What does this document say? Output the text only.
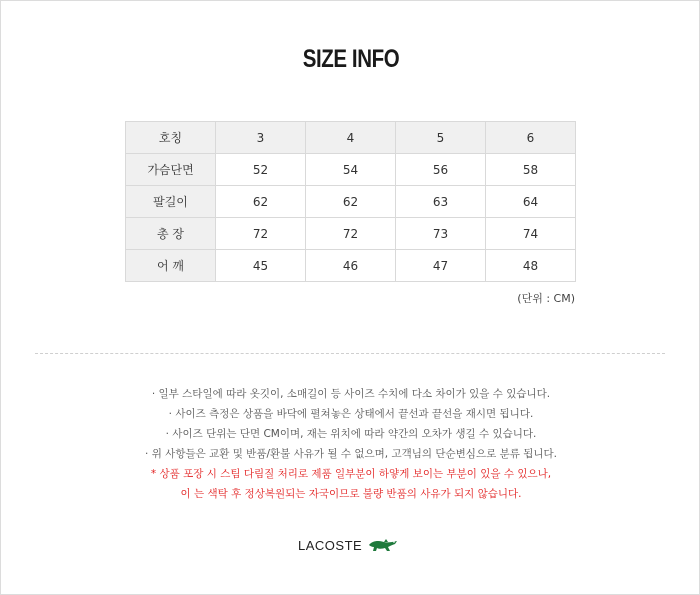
SIZE INFO
호칭	3	4	5	6
가슴단면	52	54	56	58
팔길이	62	62	63	64
총 장	72	72	73	74
어 깨	45	46	47	48
(단위 : CM)
· 일부 스타일에 따라 옷깃이, 소매길이 등 사이즈 수치에 다소 차이가 있을 수 있습니다.
· 사이즈 측정은 상품을 바닥에 펼쳐놓은 상태에서 끝선과 끝선을 재시면 됩니다.
· 사이즈 단위는 단면 CM이며, 재는 위치에 따라 약간의 오차가 생길 수 있습니다.
· 위 사항들은 교환 및 반품/환불 사유가 될 수 없으며, 고객님의 단순변심으로 분류 됩니다.
* 상품 포장 시 스팀 다림질 처리로 제품 일부분이 하얗게 보이는 부분이 있을 수 있으나,
이 는 색탁 후 정상복원되는 자국이므로 불량 반품의 사유가 되지 않습니다.
LACOSTE
